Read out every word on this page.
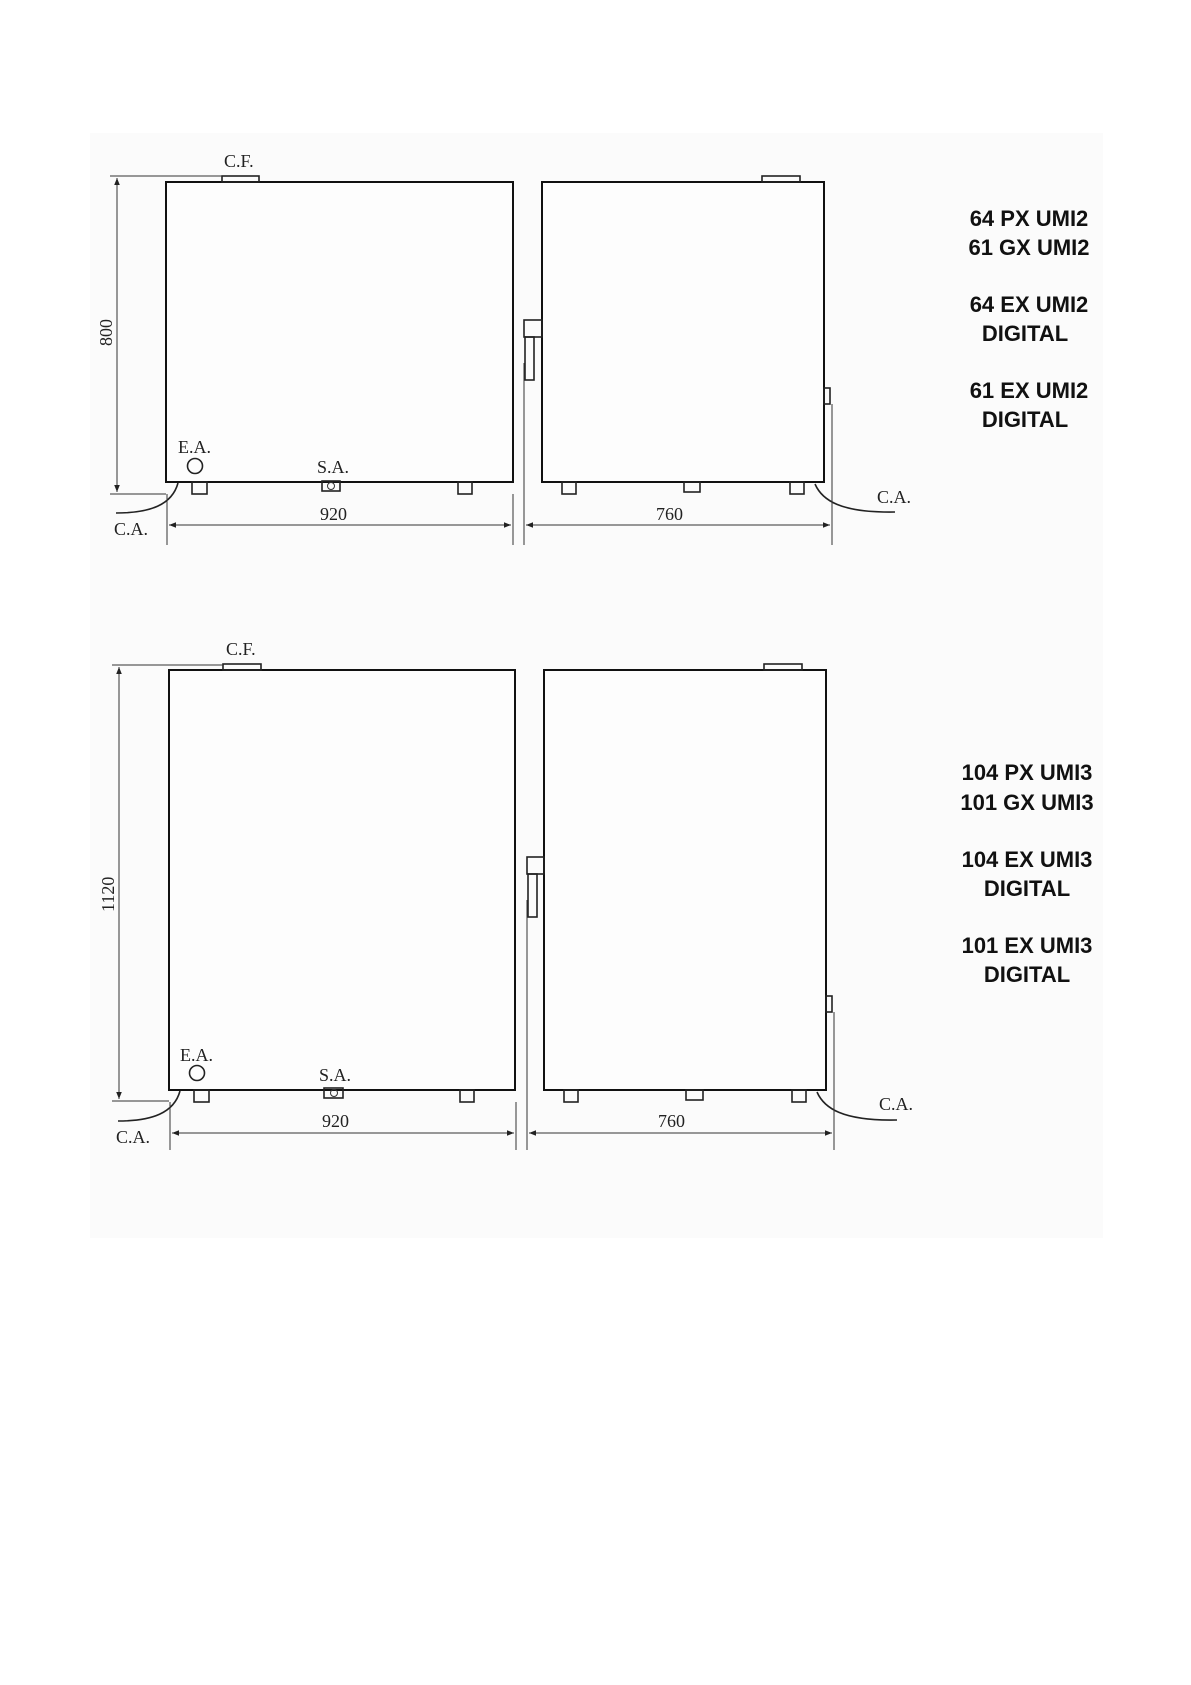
C.F.
E.A.
S.A.
800
C.A.
920
C.A.
760
64 PX UMI2
61 GX UMI2
64 EX UMI2
DIGITAL
61 EX UMI2
DIGITAL
C.F.
E.A.
S.A.
1120
C.A.
920
C.A.
760
104 PX UMI3
101 GX UMI3
104 EX UMI3
DIGITAL
101 EX UMI3
DIGITAL
